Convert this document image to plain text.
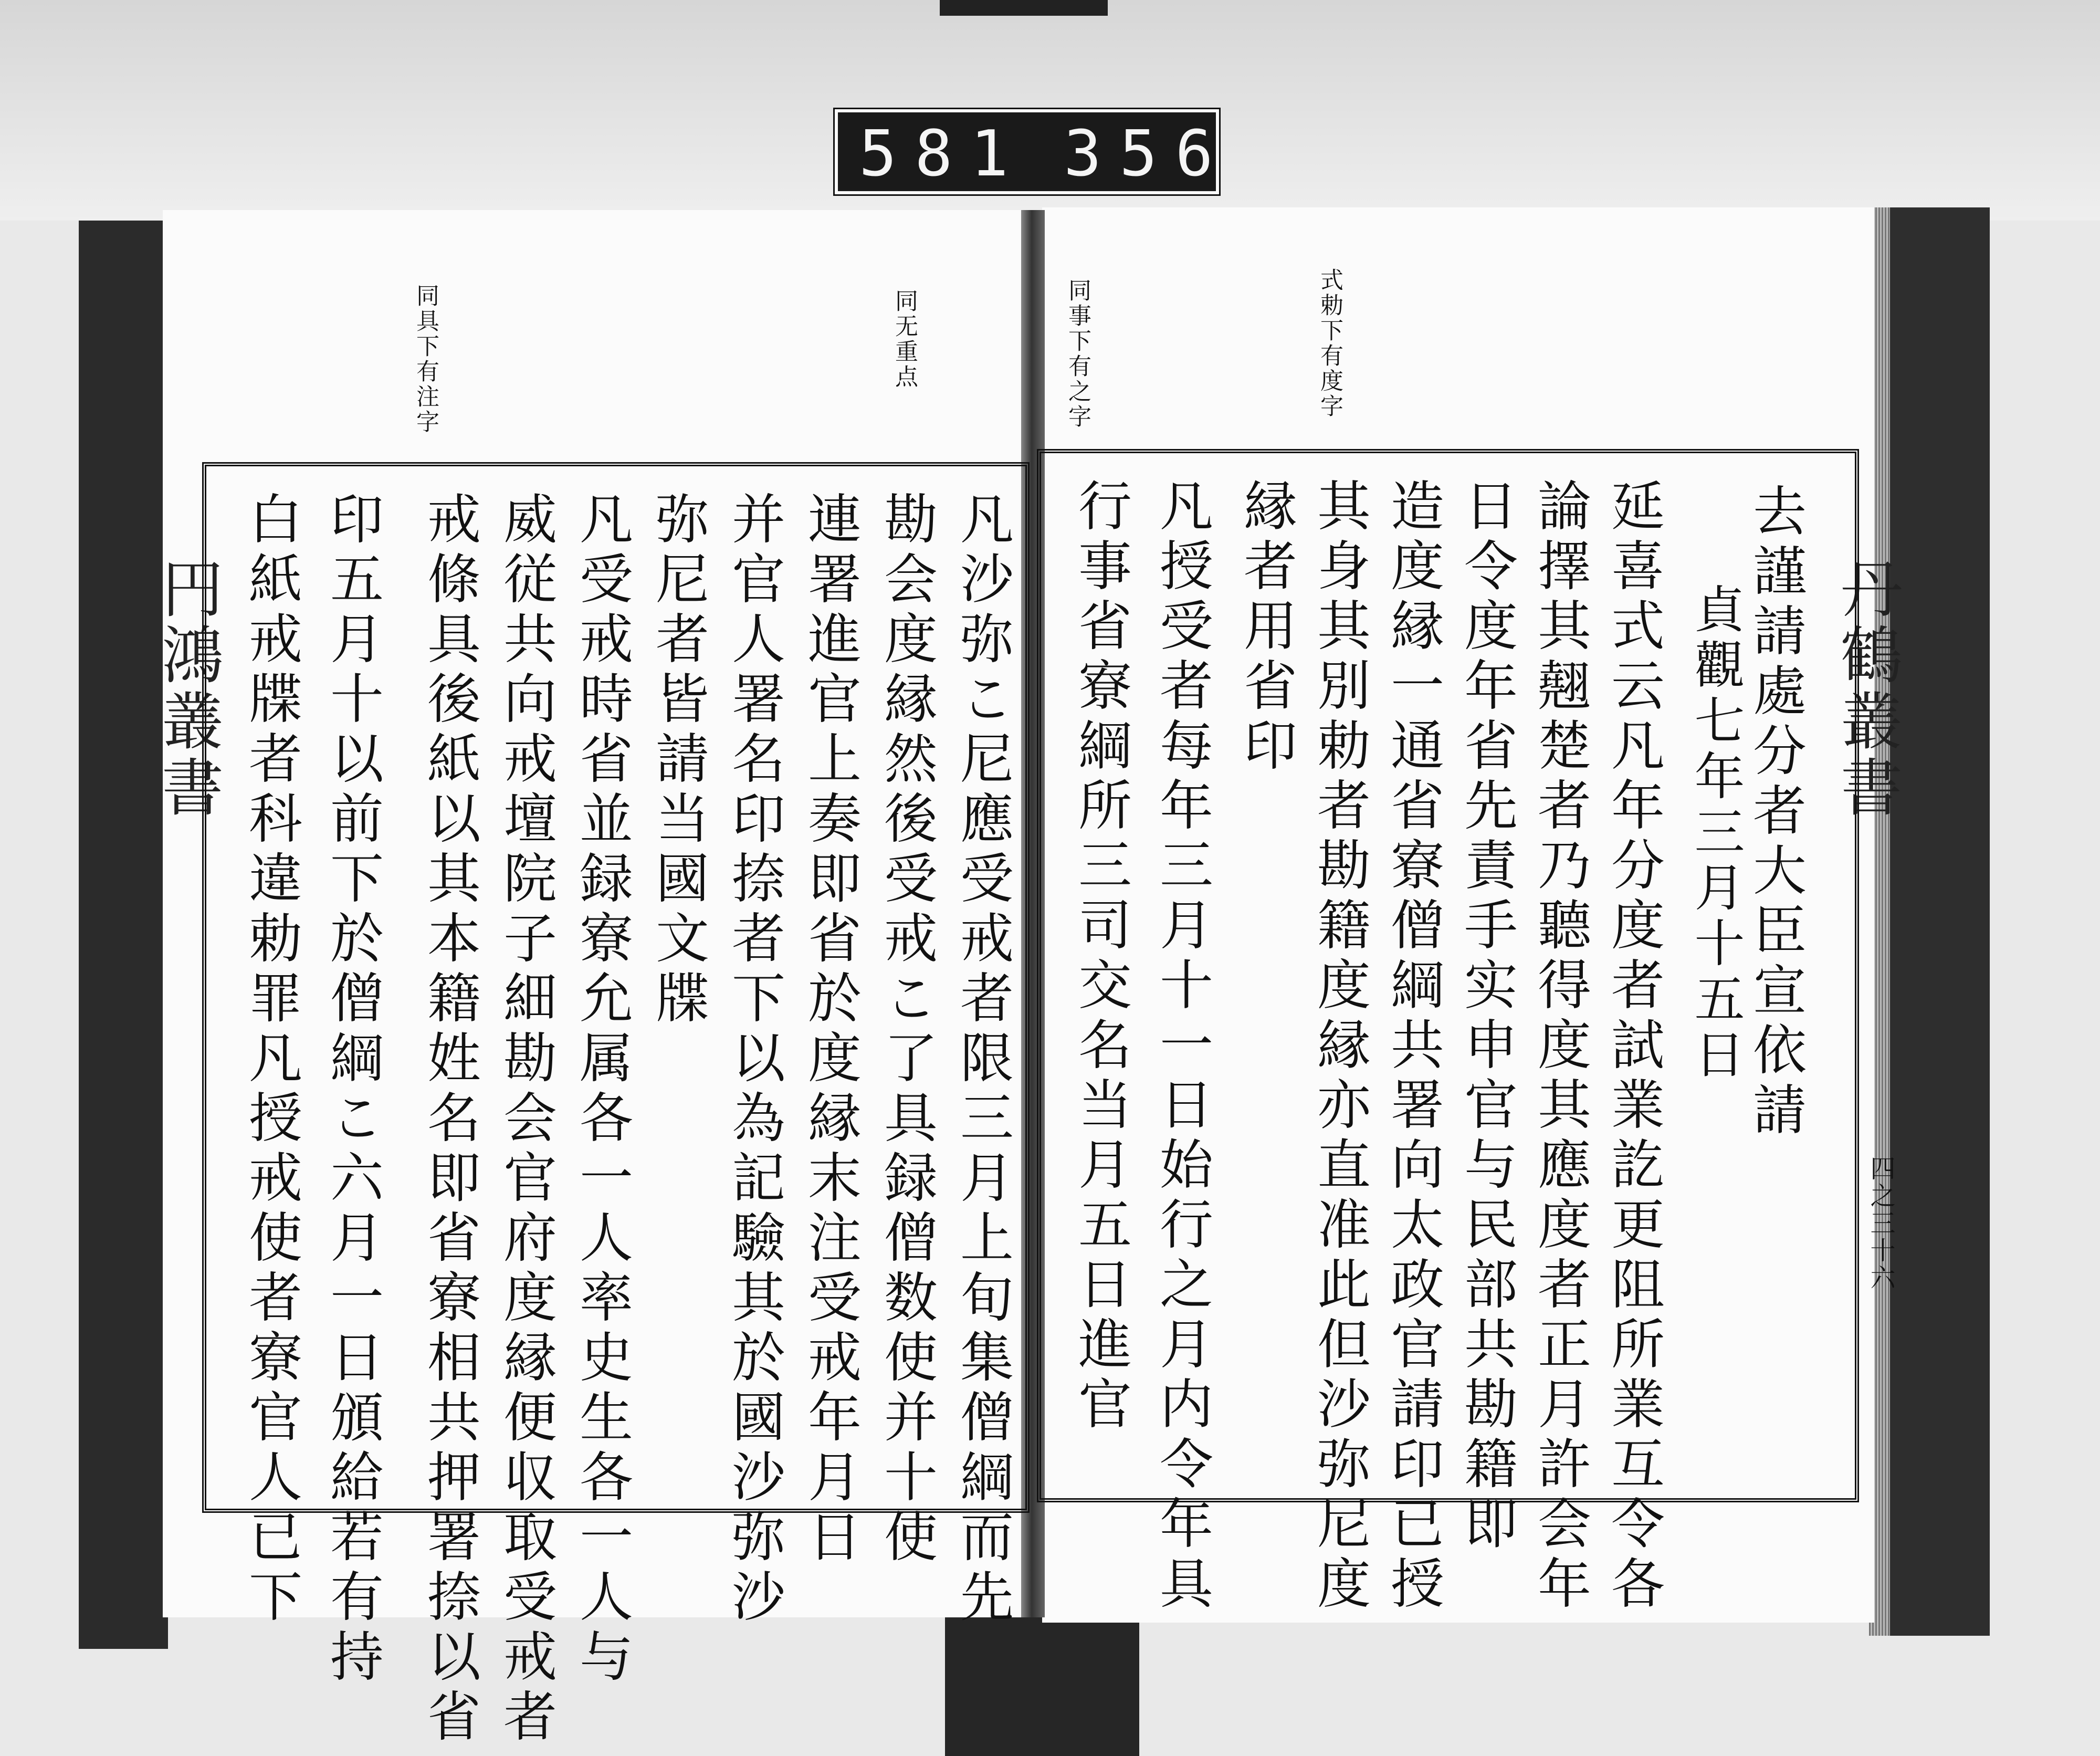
581 356
円鴻叢書	丹鶴叢書
四之三十六
同具下有注字	同无重点	式勅下有度字
同事下有之字
去謹請處分者大臣宣依請
貞觀七年三月十五日
延喜式云凡年分度者試業訖更阻所業互令各
論擇其翹楚者乃聽得度其應度者正月許会年
日令度年省先責手实申官与民部共勘籍即
造度縁一通省寮僧綱共署向太政官請印已授
其身其別勅者勘籍度縁亦直准此但沙弥尼度
縁者用省印
凡授受者每年三月十一日始行之月内令年具
行事省寮綱所三司交名当月五日進官
凡沙弥こ尼應受戒者限三月上旬集僧綱而先
勘会度縁然後受戒こ了具録僧数使并十使
連署進官上奏即省於度縁末注受戒年月日
并官人署名印捺者下以為記驗其於國沙弥沙
弥尼者皆請当國文牒
凡受戒時省並録寮允属各一人率史生各一人与
威従共向戒壇院子細勘会官府度縁便収取受戒者
戒條具後紙以其本籍姓名即省寮相共押署捺以省
印五月十以前下於僧綱こ六月一日頒給若有持
白紙戒牒者科違勅罪凡授戒使者寮官人已下
